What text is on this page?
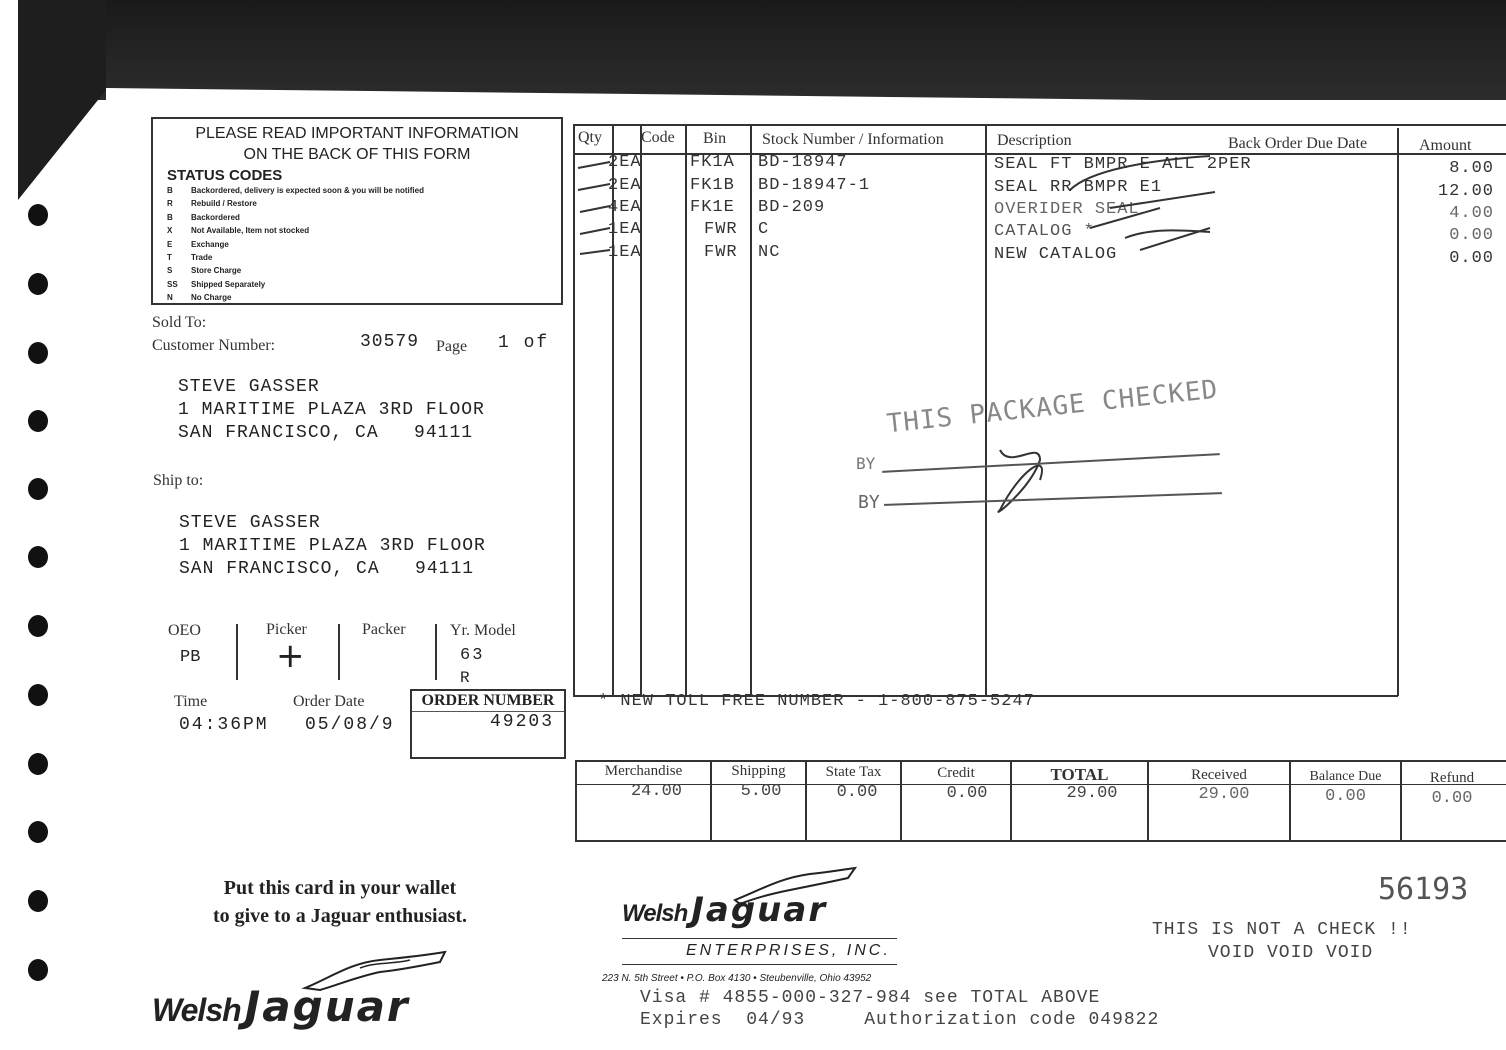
PLEASE READ IMPORTANT INFORMATION
ON THE BACK OF THIS FORM
STATUS CODES
B Backordered, delivery is expected soon & you will be notified
R Rebuild / Restore
B Backordered
X Not Available, Item not stocked
E Exchange
T Trade
S Store Charge
SS Shipped Separately
N No Charge
Sold To:
Customer Number:	30579 Page 1 of
STEVE GASSER
1 MARITIME PLAZA 3RD FLOOR
SAN FRANCISCO, CA   94111
Ship to:
STEVE GASSER
1 MARITIME PLAZA 3RD FLOOR
SAN FRANCISCO, CA   94111
OEO
PB
Picker
+
Packer	Yr. Model
63
R
Time
04:36PM
Order Date
05/08/9
ORDER NUMBER
49203
Qty Code Bin Stock Number / Information	Description	Back Order Due Date	Amount
2EA	FK1A BD-18947	SEAL FT BMPR E ALL 2PER	8.00
2EA	FK1B BD-18947-1	SEAL RR BMPR E1	12.00
4EA	FK1E BD-209	OVERIDER SEAL	4.00
1EA	FWR C	CATALOG *	0.00
1EA	FWR NC	NEW CATALOG	0.00
THIS PACKAGE CHECKED
BY
BY
* NEW TOLL FREE NUMBER - 1-800-875-5247
Merchandise	Shipping	State Tax	Credit	TOTAL	Received	Balance Due	Refund
24.00	5.00	0.00	0.00	29.00	29.00	0.00	0.00
Put this card in your wallet
to give to a Jaguar enthusiast.
Welsh Jaguar
Welsh Jaguar
ENTERPRISES, INC.
223 N. 5th Street • P.O. Box 4130 • Steubenville, Ohio 43952
56193
THIS IS NOT A CHECK !!
VOID VOID VOID
Visa # 4855-000-327-984 see TOTAL ABOVE
Expires  04/93     Authorization code 049822
